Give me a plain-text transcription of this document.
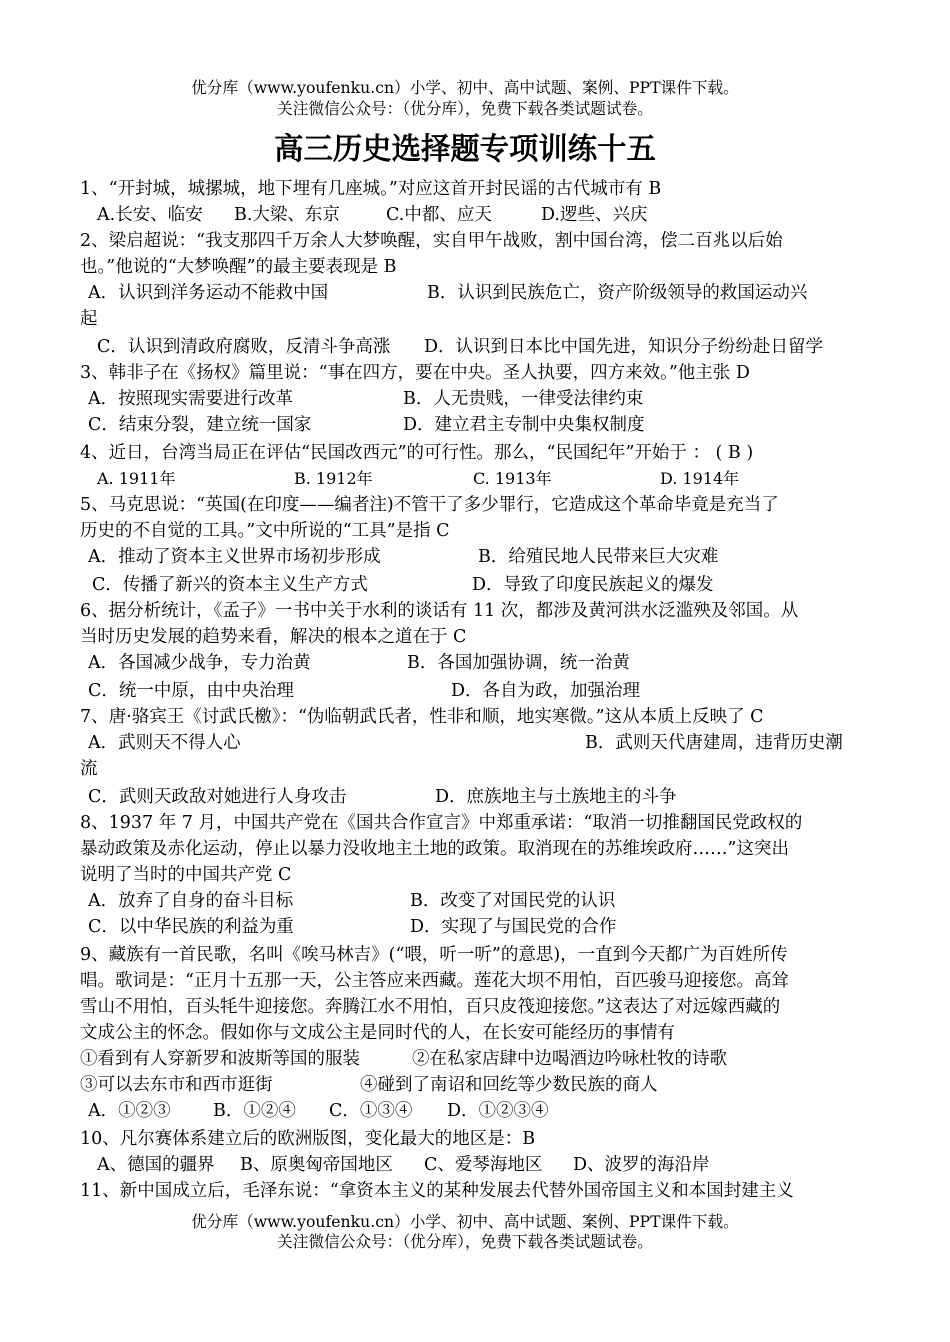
优分库（www.youfenku.cn）小学、初中、高中试题、案例、PPT课件下载。
关注微信公众号：（优分库），免费下载各类试题试卷。
高三历史选择题专项训练十五
1、“开封城，城摞城，地下埋有几座城。”对应这首开封民谣的古代城市有 B
A.长安、临安 B.大梁、东京	C.中都、应天	D.逻些、兴庆
2、梁启超说：“我支那四千万余人大梦唤醒，实自甲午战败，割中国台湾，偿二百兆以后始
也。”他说的“大梦唤醒”的最主要表现是 B
A．认识到洋务运动不能救中国	B．认识到民族危亡，资产阶级领导的救国运动兴
起
C．认识到清政府腐败，反清斗争高涨 D．认识到日本比中国先进，知识分子纷纷赴日留学
3、韩非子在《扬权》篇里说：“事在四方，要在中央。圣人执要，四方来效。”他主张 D
A．按照现实需要进行改革	B．人无贵贱，一律受法律约束
C．结束分裂，建立统一国家	D．建立君主专制中央集权制度
4、近日，台湾当局正在评估“民国改西元”的可行性。那么，“民国纪年”开始于 ： ( B )
A. 1911年	B. 1912年	C. 1913年	D. 1914年
5、马克思说：“英国(在印度——编者注)不管干了多少罪行，它造成这个革命毕竟是充当了
历史的不自觉的工具。”文中所说的“工具”是指 C
A．推动了资本主义世界市场初步形成	B．给殖民地人民带来巨大灾难
C．传播了新兴的资本主义生产方式	D．导致了印度民族起义的爆发
6、据分析统计，《孟子》一书中关于水利的谈话有 11 次，都涉及黄河洪水泛滥殃及邻国。从
当时历史发展的趋势来看，解决的根本之道在于 C
A．各国减少战争，专力治黄	B．各国加强协调，统一治黄
C．统一中原，由中央治理	D．各自为政，加强治理
7、唐·骆宾王《讨武氏檄》：“伪临朝武氏者，性非和顺，地实寒微。”这从本质上反映了 C
A．武则天不得人心	B．武则天代唐建周，违背历史潮
流
C．武则天政敌对她进行人身攻击	D．庶族地主与土族地主的斗争
8、1937 年 7 月，中国共产党在《国共合作宣言》中郑重承诺：“取消一切推翻国民党政权的
暴动政策及赤化运动，停止以暴力没收地主土地的政策。取消现在的苏维埃政府……”这突出
说明了当时的中国共产党 C
A．放弃了自身的奋斗目标	B．改变了对国民党的认识
C．以中华民族的利益为重	D．实现了与国民党的合作
9、藏族有一首民歌，名叫《唉马林吉》(“喂，听一听”的意思)，一直到今天都广为百姓所传
唱。歌词是：“正月十五那一天，公主答应来西藏。莲花大坝不用怕，百匹骏马迎接您。高耸
雪山不用怕，百头牦牛迎接您。奔腾江水不用怕，百只皮筏迎接您。”这表达了对远嫁西藏的
文成公主的怀念。假如你与文成公主是同时代的人，在长安可能经历的事情有
①看到有人穿新罗和波斯等国的服装	②在私家店肆中边喝酒边吟咏杜牧的诗歌
③可以去东市和西市逛街	④碰到了南诏和回纥等少数民族的商人
A．①②③ B．①②④ C．①③④ D．①②③④
10、凡尔赛体系建立后的欧洲版图，变化最大的地区是：B
A、德国的疆界 B、原奥匈帝国地区 C、爱琴海地区 D、波罗的海沿岸
11、新中国成立后，毛泽东说：“拿资本主义的某种发展去代替外国帝国主义和本国封建主义
优分库（www.youfenku.cn）小学、初中、高中试题、案例、PPT课件下载。
关注微信公众号：（优分库），免费下载各类试题试卷。
